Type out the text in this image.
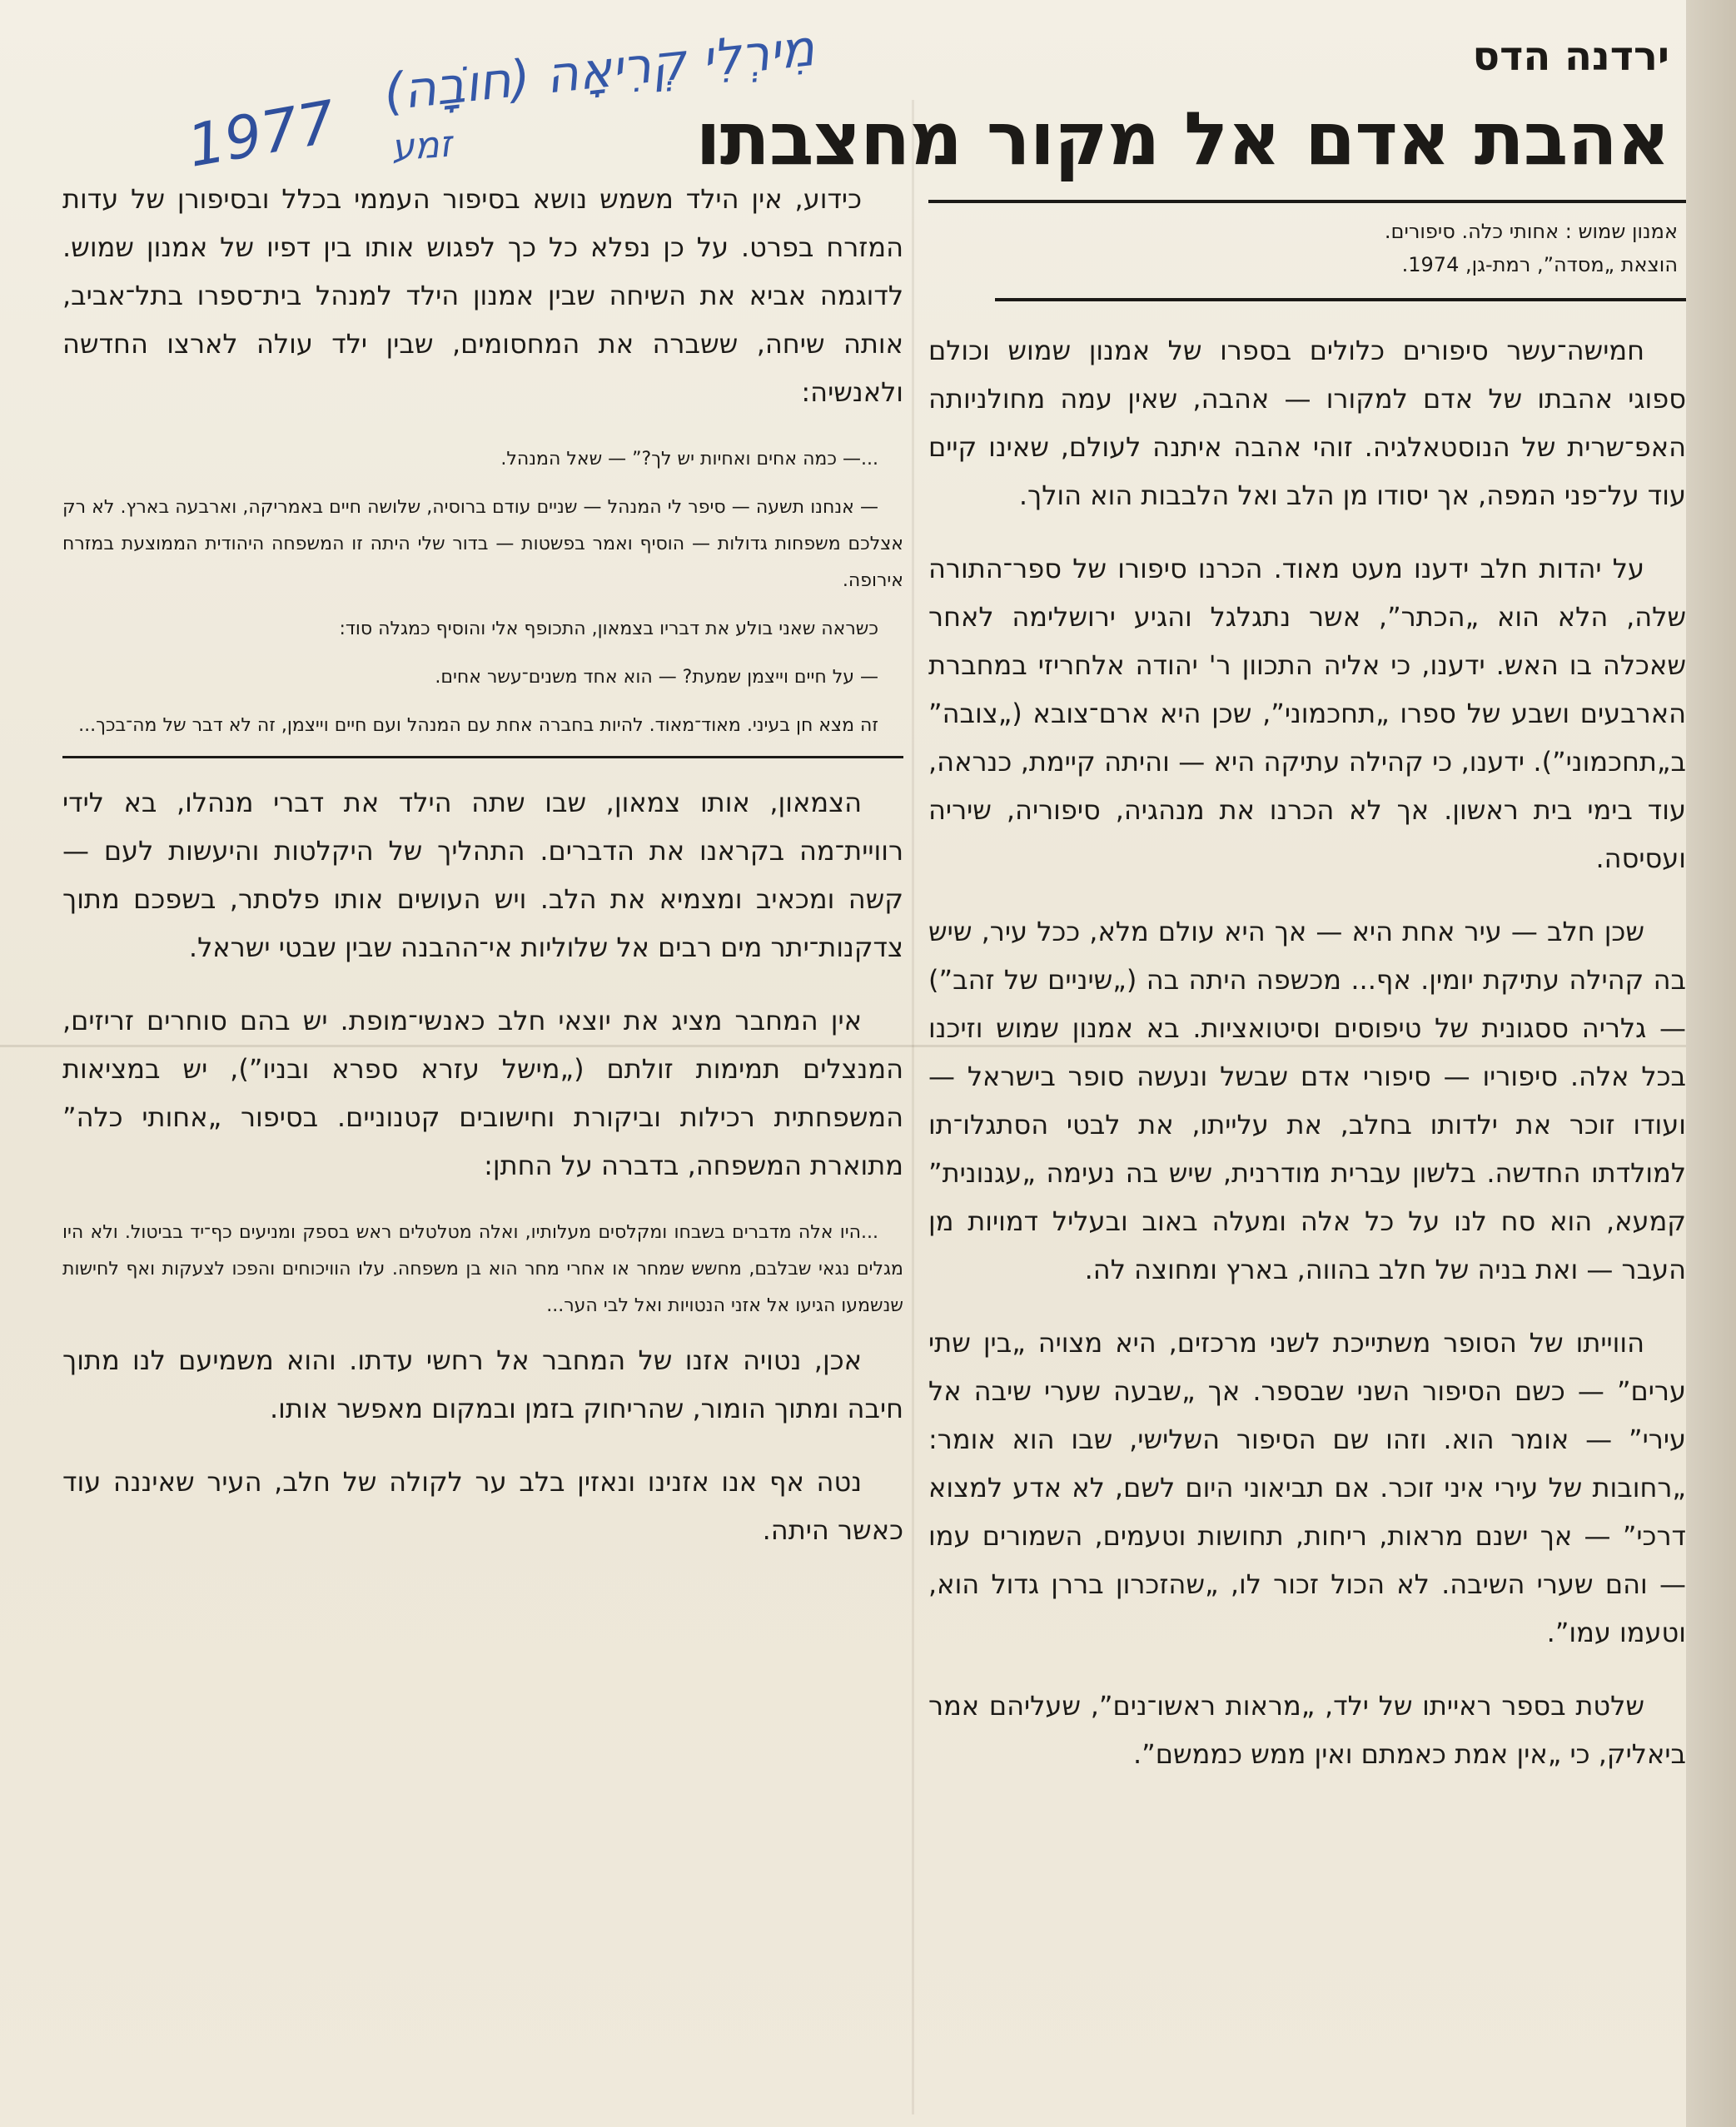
מִירְלִי קְרִיאָה (חוֹבָה)
1977 זמע
ירדנה הדס
אהבת אדם אל מקור מחצבתו
אמנון שמוש : אחותי כלה. סיפורים.
הוצאת „מסדה”, רמת-גן, 1974.

חמישה־עשר סיפורים כלולים בספרו של אמנון שמוש וכולם ספוגי אהבתו של אדם למקורו — אהבה, שאין עמה מחולניותה האפ־שרית של הנוסטאלגיה. זוהי אהבה איתנה לעולם, שאינו קיים עוד על־פני המפה, אך יסודו מן הלב ואל הלבבות הוא הולך.

על יהדות חלב ידענו מעט מאוד. הכרנו סיפורו של ספר־התורה שלה, הלא הוא „הכתר”, אשר נתגלגל והגיע ירושלימה לאחר שאכלה בו האש. ידענו, כי אליה התכוון ר' יהודה אלחריזי במחברת הארבעים ושבע של ספרו „תחכמוני”, שכן היא ארם־צובא („צובה” ב„תחכמוני”). ידענו, כי קהילה עתיקה היא — והיתה קיימת, כנראה, עוד בימי בית ראשון. אך לא הכרנו את מנהגיה, סיפוריה, שיריה ועסיסה.

שכן חלב — עיר אחת היא — אך היא עולם מלא, ככל עיר, שיש בה קהילה עתיקת יומין. אף... מכשפה היתה בה („שיניים של זהב”) — גלריה ססגונית של טיפוסים וסיטואציות. בא אמנון שמוש וזיכנו בכל אלה. סיפוריו — סיפורי אדם שבשל ונעשה סופר בישראל — ועודו זוכר את ילדותו בחלב, את עלייתו, את לבטי הסתגלו־תו למולדתו החדשה. בלשון עברית מודרנית, שיש בה נעימה „עגנונית” קמעא, הוא סח לנו על כל אלה ומעלה באוב ובעליל דמויות מן העבר — ואת בניה של חלב בהווה, בארץ ומחוצה לה.

הווייתו של הסופר משתייכת לשני מרכזים, היא מצויה „בין שתי ערים” — כשם הסיפור השני שבספר. אך „שבעה שערי שיבה אל עירי” — אומר הוא. וזהו שם הסיפור השלישי, שבו הוא אומר: „רחובות של עירי איני זוכר. אם תביאוני היום לשם, לא אדע למצוא דרכי” — אך ישנם מראות, ריחות, תחושות וטעמים, השמורים עמו — והם שערי השיבה. לא הכול זכור לו, „שהזכרון בררן גדול הוא, וטעמו עמו”.

שלטת בספר ראייתו של ילד, „מראות ראשו־נים”, שעליהם אמר ביאליק, כי „אין אמת כאמתם ואין ממש כממשם”.

כידוע, אין הילד משמש נושא בסיפור העממי בכלל ובסיפורן של עדות המזרח בפרט. על כן נפלא כל כך לפגוש אותו בין דפיו של אמנון שמוש. לדוגמה אביא את השיחה שבין אמנון הילד למנהל בית־ספרו בתל־אביב, אותה שיחה, ששברה את המחסומים, שבין ילד עולה לארצו החדשה ולאנשיה:

...— כמה אחים ואחיות יש לך?” — שאל המנהל.

— אנחנו תשעה — סיפר לי המנהל — שניים עודם ברוסיה, שלושה חיים באמריקה, וארבעה בארץ. לא רק אצלכם משפחות גדולות — הוסיף ואמר בפשטות — בדור שלי היתה זו המשפחה היהודית הממוצעת במזרח אירופה.

כשראה שאני בולע את דבריו בצמאון, התכופף אלי והוסיף כמגלה סוד:

— על חיים וייצמן שמעת? — הוא אחד משנים־עשר אחים.

זה מצא חן בעיני. מאוד־מאוד. להיות בחברה אחת עם המנהל ועם חיים וייצמן, זה לא דבר של מה־בכך...

הצמאון, אותו צמאון, שבו שתה הילד את דברי מנהלו, בא לידי רוויית־מה בקראנו את הדברים. התהליך של היקלטות והיעשות לעם — קשה ומכאיב ומצמיא את הלב. ויש העושים אותו פלסתר, בשפכם מתוך צדקנות־יתר מים רבים אל שלוליות אי־ההבנה שבין שבטי ישראל.

אין המחבר מציג את יוצאי חלב כאנשי־מופת. יש בהם סוחרים זריזים, המנצלים תמימות זולתם („מישל עזרא ספרא ובניו”), יש במציאות המשפחתית רכילות וביקורת וחישובים קטנוניים. בסיפור „אחותי כלה” מתוארת המשפחה, בדברה על החתן:

...היו אלה מדברים בשבחו ומקלסים מעלותיו, ואלה מטלטלים ראש בספק ומניעים כף־יד בביטול. ולא היו מגלים נגאי שבלבם, מחשש שמחר או אחרי מחר הוא בן משפחה. עלו הוויכוחים והפכו לצעקות ואף לחישות שנשמעו הגיעו אל אזני הנטויות ואל לבי הער...

אכן, נטויה אזנו של המחבר אל רחשי עדתו. והוא משמיעם לנו מתוך חיבה ומתוך הומור, שהריחוק בזמן ובמקום מאפשר אותו.

נטה אף אנו אזנינו ונאזין בלב ער לקולה של חלב, העיר שאיננה עוד כאשר היתה.
